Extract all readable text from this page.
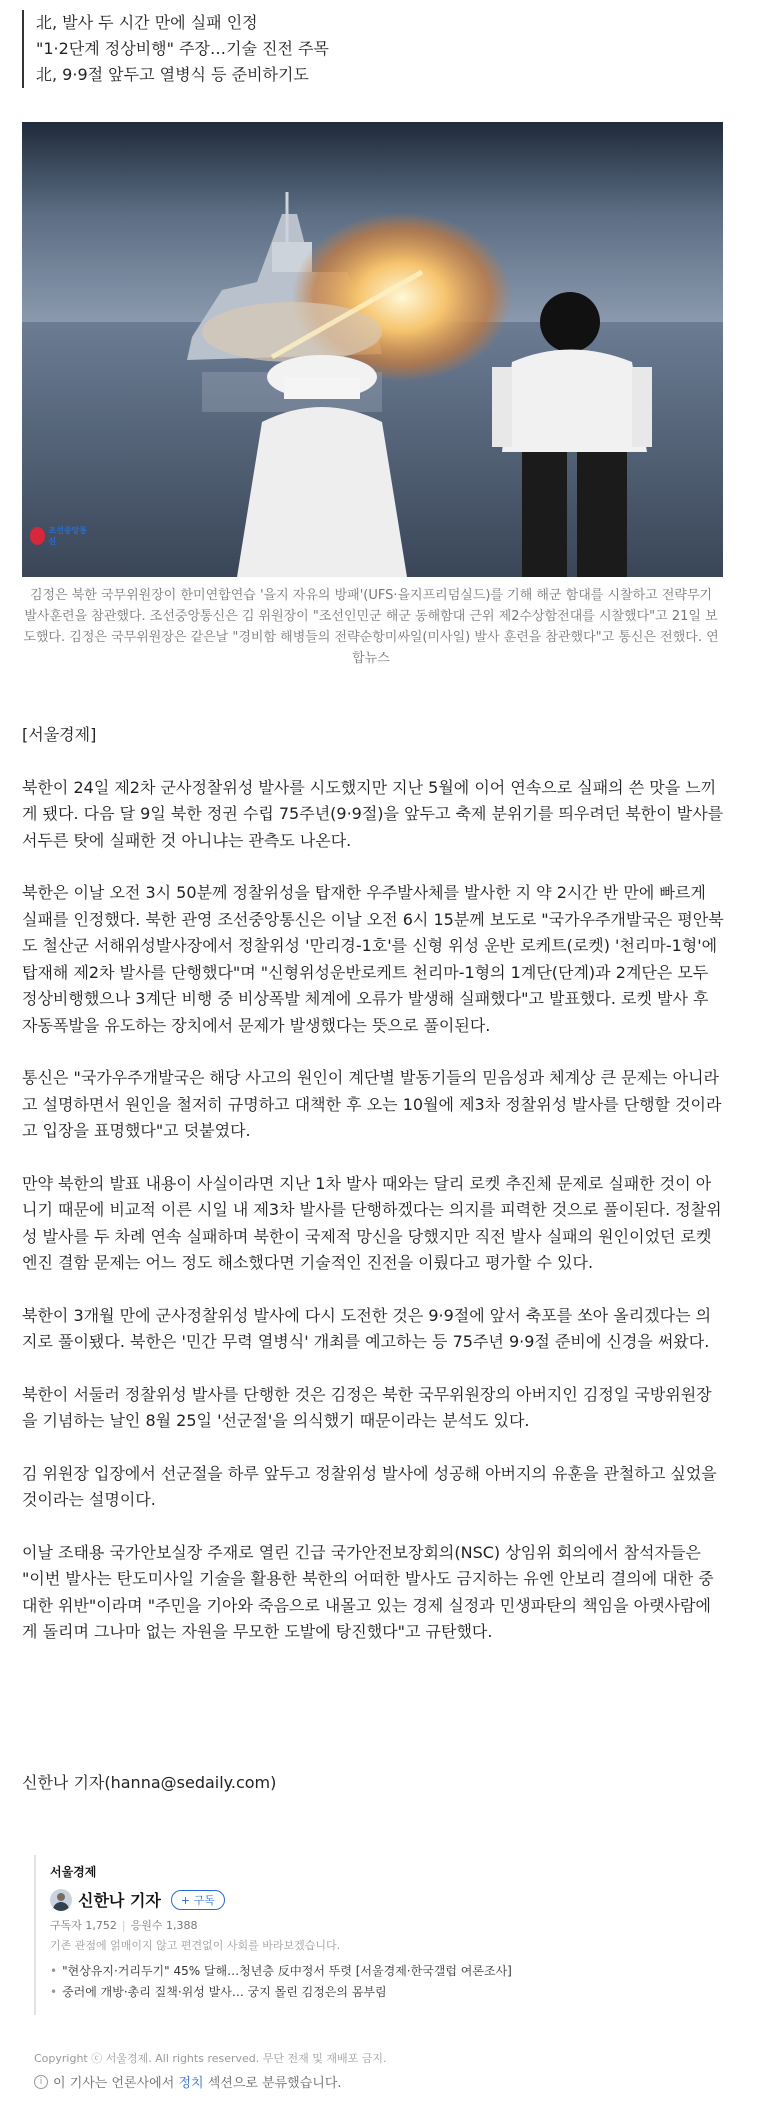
北, 발사 두 시간 만에 실패 인정
"1·2단계 정상비행" 주장…기술 진전 주목
北, 9·9절 앞두고 열병식 등 준비하기도
조선중앙통신
김정은 북한 국무위원장이 한미연합연습 '을지 자유의 방패'(UFS·을지프리덤실드)를 기해 해군 함대를 시찰하고 전략무기 발사훈련을 참관했다. 조선중앙통신은 김 위원장이 "조선인민군 해군 동해함대 근위 제2수상함전대를 시찰했다"고 21일 보도했다. 김정은 국무위원장은 같은날 "경비함 해병들의 전략순항미싸일(미사일) 발사 훈련을 참관했다"고 통신은 전했다. 연합뉴스

[서울경제]

북한이 24일 제2차 군사정찰위성 발사를 시도했지만 지난 5월에 이어 연속으로 실패의 쓴 맛을 느끼게 됐다. 다음 달 9일 북한 정권 수립 75주년(9·9절)을 앞두고 축제 분위기를 띄우려던 북한이 발사를 서두른 탓에 실패한 것 아니냐는 관측도 나온다.

북한은 이날 오전 3시 50분께 정찰위성을 탑재한 우주발사체를 발사한 지 약 2시간 반 만에 빠르게 실패를 인정했다. 북한 관영 조선중앙통신은 이날 오전 6시 15분께 보도로 "국가우주개발국은 평안북도 철산군 서해위성발사장에서 정찰위성 '만리경-1호'를 신형 위성 운반 로케트(로켓) '천리마-1형'에 탑재해 제2차 발사를 단행했다"며 "신형위성운반로케트 천리마-1형의 1계단(단계)과 2계단은 모두 정상비행했으나 3계단 비행 중 비상폭발 체계에 오류가 발생해 실패했다"고 발표했다. 로켓 발사 후 자동폭발을 유도하는 장치에서 문제가 발생했다는 뜻으로 풀이된다.

통신은 "국가우주개발국은 해당 사고의 원인이 계단별 발동기들의 믿음성과 체계상 큰 문제는 아니라고 설명하면서 원인을 철저히 규명하고 대책한 후 오는 10월에 제3차 정찰위성 발사를 단행할 것이라고 입장을 표명했다"고 덧붙였다.

만약 북한의 발표 내용이 사실이라면 지난 1차 발사 때와는 달리 로켓 추진체 문제로 실패한 것이 아니기 때문에 비교적 이른 시일 내 제3차 발사를 단행하겠다는 의지를 피력한 것으로 풀이된다. 정찰위성 발사를 두 차례 연속 실패하며 북한이 국제적 망신을 당했지만 직전 발사 실패의 원인이었던 로켓 엔진 결함 문제는 어느 정도 해소했다면 기술적인 진전을 이뤘다고 평가할 수 있다.

북한이 3개월 만에 군사정찰위성 발사에 다시 도전한 것은 9·9절에 앞서 축포를 쏘아 올리겠다는 의지로 풀이됐다. 북한은 '민간 무력 열병식' 개최를 예고하는 등 75주년 9·9절 준비에 신경을 써왔다.

북한이 서둘러 정찰위성 발사를 단행한 것은 김정은 북한 국무위원장의 아버지인 김정일 국방위원장을 기념하는 날인 8월 25일 '선군절'을 의식했기 때문이라는 분석도 있다.

김 위원장 입장에서 선군절을 하루 앞두고 정찰위성 발사에 성공해 아버지의 유훈을 관철하고 싶었을 것이라는 설명이다.

이날 조태용 국가안보실장 주재로 열린 긴급 국가안전보장회의(NSC) 상임위 회의에서 참석자들은 "이번 발사는 탄도미사일 기술을 활용한 북한의 어떠한 발사도 금지하는 유엔 안보리 결의에 대한 중대한 위반"이라며 "주민을 기아와 죽음으로 내몰고 있는 경제 실정과 민생파탄의 책임을 아랫사람에게 돌리며 그나마 없는 자원을 무모한 도발에 탕진했다"고 규탄했다.

신한나 기자(hanna@sedaily.com)
서울경제
신한나 기자	+ 구독
구독자 1,752 | 응원수 1,388
기존 관점에 얽매이지 않고 편견없이 사회를 바라보겠습니다.
• "현상유지·거리두기" 45% 달해…청년층 反中정서 뚜렷 [서울경제·한국갤럽 여론조사]
• 중러에 개방·총리 질책·위성 발사… 궁지 몰린 김정은의 몸부림
Copyright ⓒ 서울경제. All rights reserved. 무단 전재 및 재배포 금지.
i 이 기사는 언론사에서
정치
섹션으로 분류했습니다.
